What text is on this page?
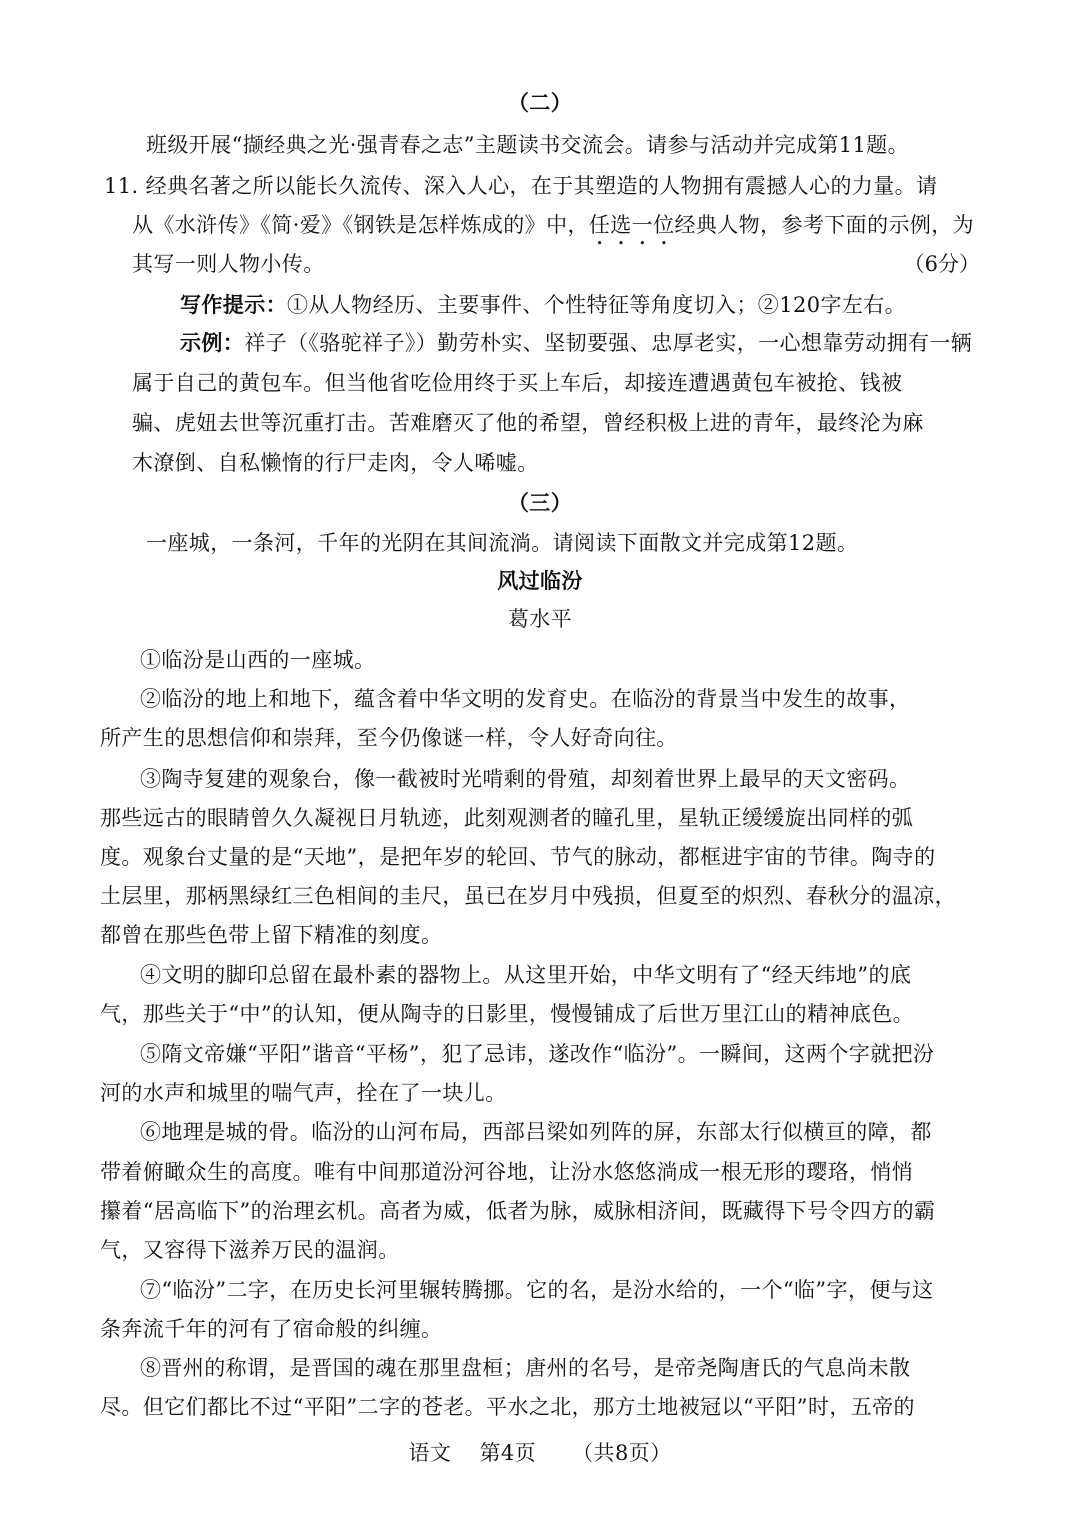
（二）
班级开展“撷经典之光·强青春之志”主题读书交流会。请参与活动并完成第11题。
11. 经典名著之所以能长久流传、深入人心，在于其塑造的人物拥有震撼人心的力量。请
从《水浒传》《简·爱》《钢铁是怎样炼成的》中，任选一位经典人物，参考下面的示例，为
其写一则人物小传。	（6分）
写作提示：①从人物经历、主要事件、个性特征等角度切入；②120字左右。
示例：祥子（《骆驼祥子》）勤劳朴实、坚韧要强、忠厚老实，一心想靠劳动拥有一辆
属于自己的黄包车。但当他省吃俭用终于买上车后，却接连遭遇黄包车被抢、钱被
骗、虎妞去世等沉重打击。苦难磨灭了他的希望，曾经积极上进的青年，最终沦为麻
木潦倒、自私懒惰的行尸走肉，令人唏嘘。
（三）
一座城，一条河，千年的光阴在其间流淌。请阅读下面散文并完成第12题。
风过临汾
葛水平
①临汾是山西的一座城。
②临汾的地上和地下，蕴含着中华文明的发育史。在临汾的背景当中发生的故事，
所产生的思想信仰和崇拜，至今仍像谜一样，令人好奇向往。
③陶寺复建的观象台，像一截被时光啃剩的骨殖，却刻着世界上最早的天文密码。
那些远古的眼睛曾久久凝视日月轨迹，此刻观测者的瞳孔里，星轨正缓缓旋出同样的弧
度。观象台丈量的是“天地”，是把年岁的轮回、节气的脉动，都框进宇宙的节律。陶寺的
土层里，那柄黑绿红三色相间的圭尺，虽已在岁月中残损，但夏至的炽烈、春秋分的温凉，
都曾在那些色带上留下精准的刻度。
④文明的脚印总留在最朴素的器物上。从这里开始，中华文明有了“经天纬地”的底
气，那些关于“中”的认知，便从陶寺的日影里，慢慢铺成了后世万里江山的精神底色。
⑤隋文帝嫌“平阳”谐音“平杨”，犯了忌讳，遂改作“临汾”。一瞬间，这两个字就把汾
河的水声和城里的喘气声，拴在了一块儿。
⑥地理是城的骨。临汾的山河布局，西部吕梁如列阵的屏，东部太行似横亘的障，都
带着俯瞰众生的高度。唯有中间那道汾河谷地，让汾水悠悠淌成一根无形的璎珞，悄悄
攥着“居高临下”的治理玄机。高者为威，低者为脉，威脉相济间，既藏得下号令四方的霸
气，又容得下滋养万民的温润。
⑦“临汾”二字，在历史长河里辗转腾挪。它的名，是汾水给的，一个“临”字，便与这
条奔流千年的河有了宿命般的纠缠。
⑧晋州的称谓，是晋国的魂在那里盘桓；唐州的名号，是帝尧陶唐氏的气息尚未散
尽。但它们都比不过“平阳”二字的苍老。平水之北，那方土地被冠以“平阳”时，五帝的
语文 第4页 （共8页）
